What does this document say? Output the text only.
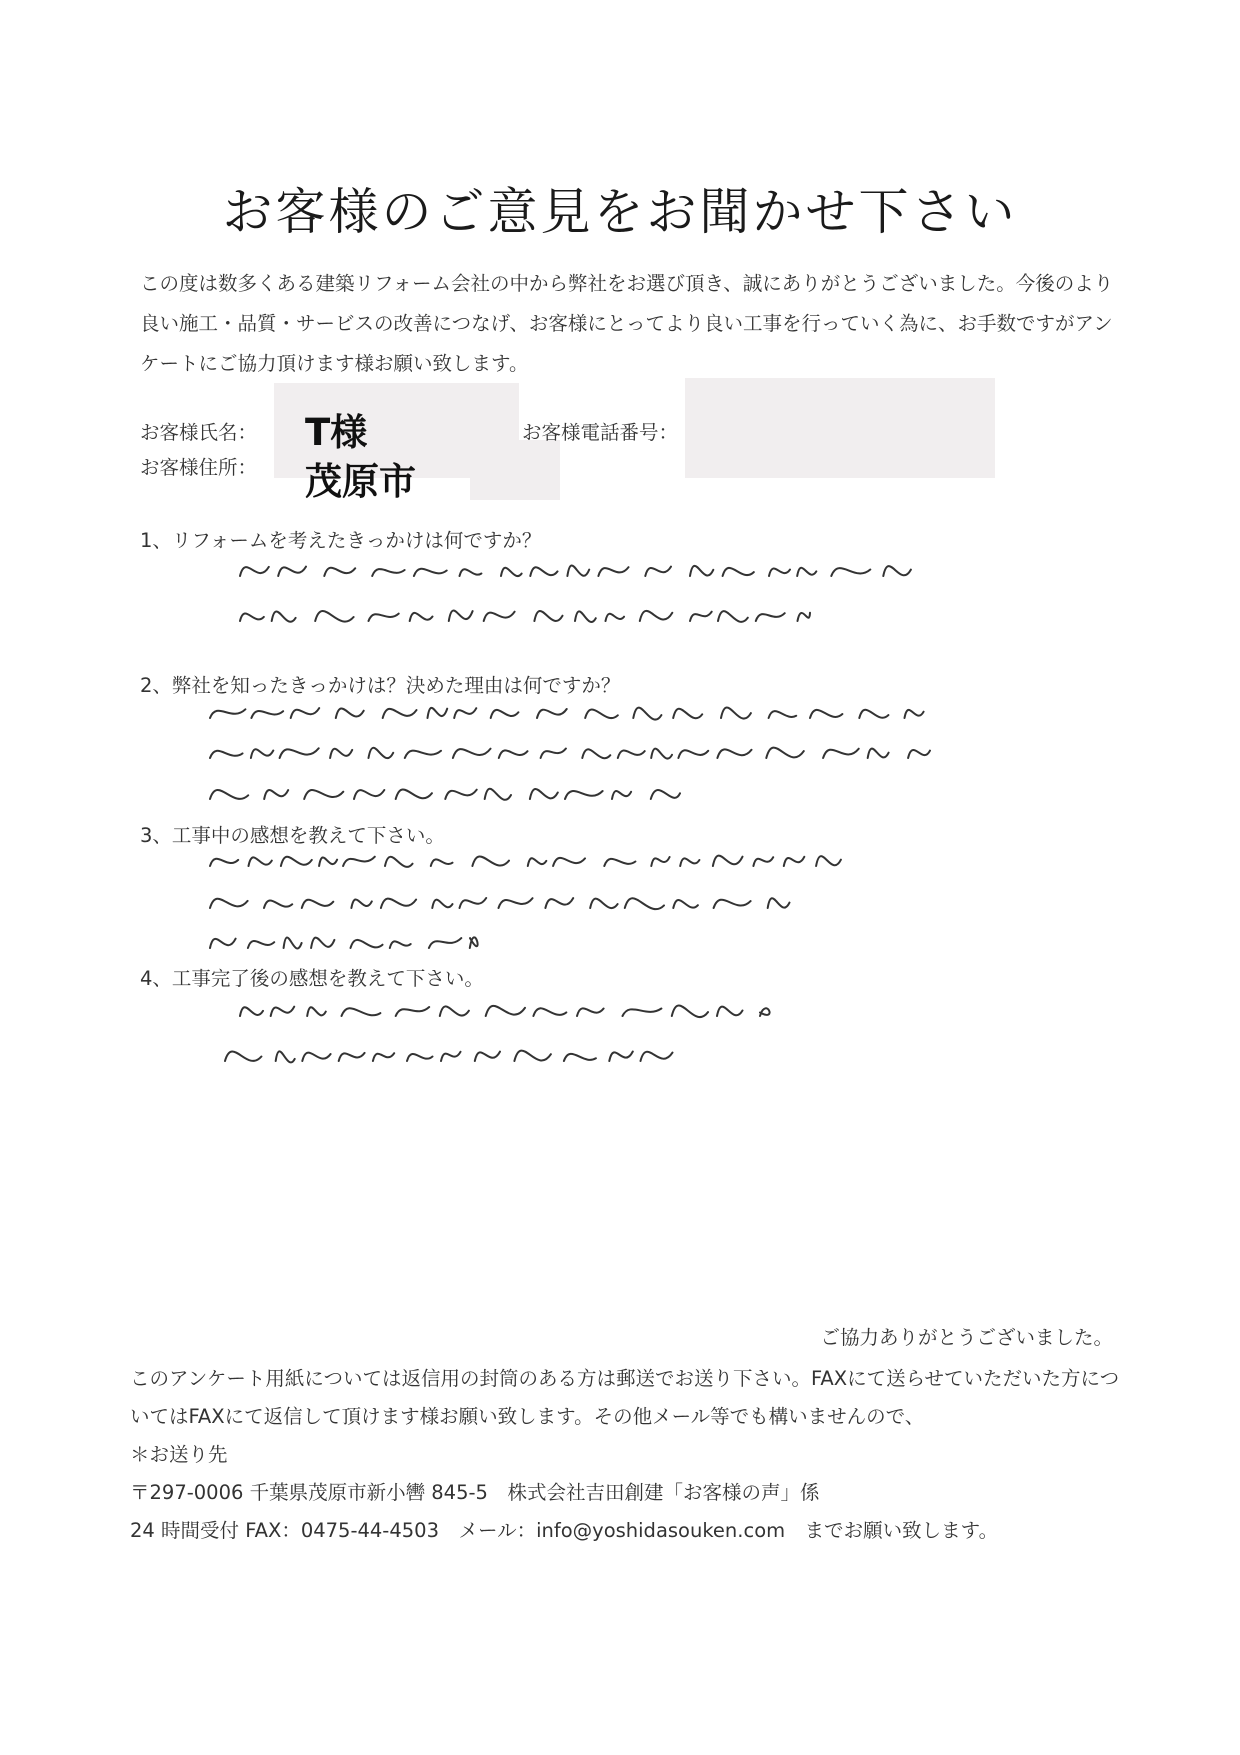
お客様のご意見をお聞かせ下さい
この度は数多くある建築リフォーム会社の中から弊社をお選び頂き、誠にありがとうございました。今後のより良い施工・品質・サービスの改善につなげ、お客様にとってより良い工事を行っていく為に、お手数ですがアンケートにご協力頂けます様お願い致します。
お客様氏名： T様
お客様住所： 茂原市
お客様電話番号：
1、リフォームを考えたきっかけは何ですか？
2、弊社を知ったきっかけは？決めた理由は何ですか？
3、工事中の感想を教えて下さい。
4、工事完了後の感想を教えて下さい。
ご協力ありがとうございました。
このアンケート用紙については返信用の封筒のある方は郵送でお送り下さい。FAXにて送らせていただいた方についてはFAXにて返信して頂けます様お願い致します。その他メール等でも構いませんので、
＊お送り先
〒297-0006 千葉県茂原市新小轡 845-5　株式会社吉田創建「お客様の声」係
24 時間受付 FAX：0475-44-4503　メール：info@yoshidasouken.com　までお願い致します。
